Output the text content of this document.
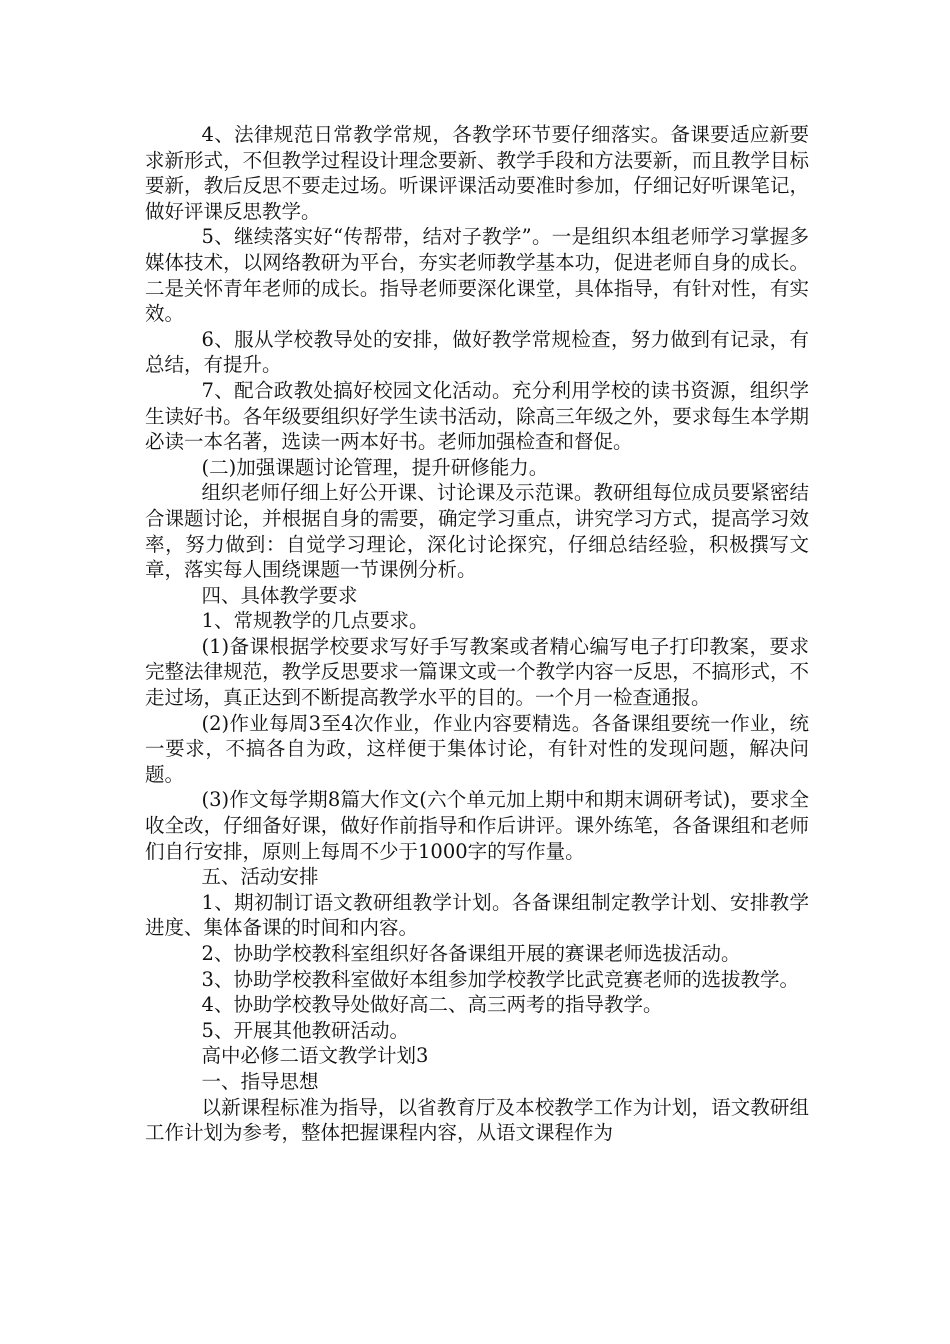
4、法律规范日常教学常规，各教学环节要仔细落实。备课要适应新要求新形式，不但教学过程设计理念要新、教学手段和方法要新，而且教学目标要新，教后反思不要走过场。听课评课活动要准时参加，仔细记好听课笔记，做好评课反思教学。

5、继续落实好“传帮带，结对子教学”。一是组织本组老师学习掌握多媒体技术，以网络教研为平台，夯实老师教学基本功，促进老师自身的成长。二是关怀青年老师的成长。指导老师要深化课堂，具体指导，有针对性，有实效。

6、服从学校教导处的安排，做好教学常规检查，努力做到有记录，有总结，有提升。

7、配合政教处搞好校园文化活动。充分利用学校的读书资源，组织学生读好书。各年级要组织好学生读书活动，除高三年级之外，要求每生本学期必读一本名著，选读一两本好书。老师加强检查和督促。

(二)加强课题讨论管理，提升研修能力。

组织老师仔细上好公开课、讨论课及示范课。教研组每位成员要紧密结合课题讨论，并根据自身的需要，确定学习重点，讲究学习方式，提高学习效率，努力做到：自觉学习理论，深化讨论探究，仔细总结经验，积极撰写文章，落实每人围绕课题一节课例分析。

四、具体教学要求

1、常规教学的几点要求。

(1)备课根据学校要求写好手写教案或者精心编写电子打印教案，要求完整法律规范，教学反思要求一篇课文或一个教学内容一反思，不搞形式，不走过场，真正达到不断提高教学水平的目的。一个月一检查通报。

(2)作业每周3至4次作业，作业内容要精选。各备课组要统一作业，统一要求，不搞各自为政，这样便于集体讨论，有针对性的发现问题，解决问题。

(3)作文每学期8篇大作文(六个单元加上期中和期末调研考试)，要求全收全改，仔细备好课，做好作前指导和作后讲评。课外练笔，各备课组和老师们自行安排，原则上每周不少于1000字的写作量。

五、活动安排

1、期初制订语文教研组教学计划。各备课组制定教学计划、安排教学进度、集体备课的时间和内容。

2、协助学校教科室组织好各备课组开展的赛课老师选拔活动。

3、协助学校教科室做好本组参加学校教学比武竞赛老师的选拔教学。

4、协助学校教导处做好高二、高三两考的指导教学。

5、开展其他教研活动。

高中必修二语文教学计划3

一、指导思想

以新课程标准为指导，以省教育厅及本校教学工作为计划，语文教研组工作计划为参考，整体把握课程内容，从语文课程作为
